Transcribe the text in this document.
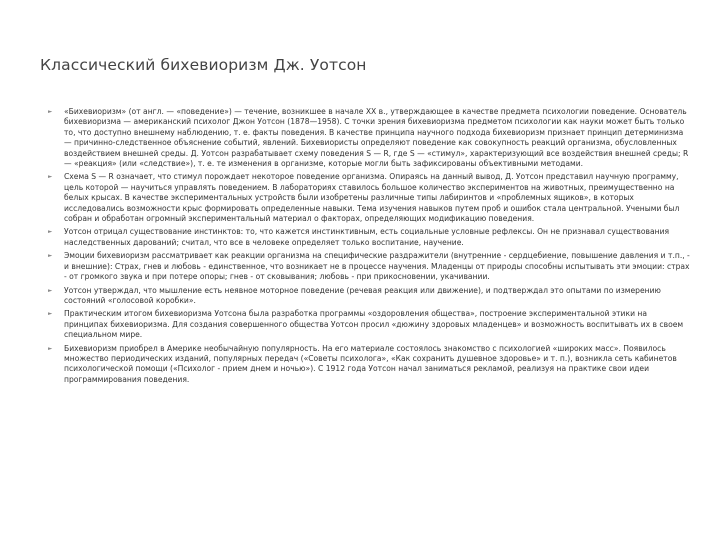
Классический бихевиоризм Дж. Уотсон
►	«Бихевиоризм» (от англ. — «поведение») — течение, возникшее в начале XX в., утверждающее в качестве предмета психологии поведение. Основатель бихевиоризма — американский психолог Джон Уотсон (1878—1958). С точки зрения бихевиоризма предметом психологии как науки может быть только то, что доступно внешнему наблюдению, т. е. факты поведения. В качестве принципа научного подхода бихевиоризм признает принцип детерминизма — причинно-следственное объяснение событий, явлений. Бихевиористы определяют поведение как совокупность реакций организма, обусловленных воздействием внешней среды. Д. Уотсон разрабатывает схему поведения S — R, где S — «стимул», характеризующий все воздействия внешней среды; R— «реакция» (или «следствие»), т. е. те изменения в организме, которые могли быть зафиксированы объективными методами.
►	Схема S — R означает, что стимул порождает некоторое поведение организма. Опираясь на данный вывод, Д. Уотсон представил научную программу, цель которой — научиться управлять поведением. В лабораториях ставилось большое количество экспериментов на животных, преимущественно на белых крысах. В качестве экспериментальных устройств были изобретены различные типы лабиринтов и «проблемных ящиков», в которых исследовались возможности крыс формировать определенные навыки. Тема изучения навыков путем проб и ошибок стала центральной. Учеными был собран и обработан огромный экспериментальный материал о факторах, определяющих модификацию поведения.
►	Уотсон отрицал существование инстинктов: то, что кажется инстинктивным, есть социальные условные рефлексы. Он не признавал существования наследственных дарований; считал, что все в человеке определяет только воспитание, научение.
►	Эмоции бихевиоризм рассматривает как реакции организма на специфические раздражители (внутренние - сердцебиение, повышение давления и т.п., - и внешние): Страх, гнев и любовь - единственное, что возникает не в процессе научения. Младенцы от природы способны испытывать эти эмоции: страх - от громкого звука и при потере опоры; гнев - от сковывания; любовь - при прикосновении, укачивании.
►	Уотсон утверждал, что мышление есть неявное моторное поведение (речевая реакция или движение), и подтверждал это опытами по измерению состояний «голосовой коробки».
►	Практическим итогом бихевиоризма Уотсона была разработка программы «оздоровления общества», построение экспериментальной этики на принципах бихевиоризма. Для создания совершенного общества Уотсон просил «дюжину здоровых младенцев» и возможность воспитывать их в своем специальном мире.
►	Бихевиоризм приобрел в Америке необычайную популярность. На его материале состоялось знакомство с психологией «широких масс». Появилось множество периодических изданий, популярных передач («Советы психолога», «Как сохранить душевное здоровье» и т. п.), возникла сеть кабинетов психологической помощи («Психолог - прием днем и ночью»). С 1912 года Уотсон начал заниматься рекламой, реализуя на практике свои идеи программирования поведения.
